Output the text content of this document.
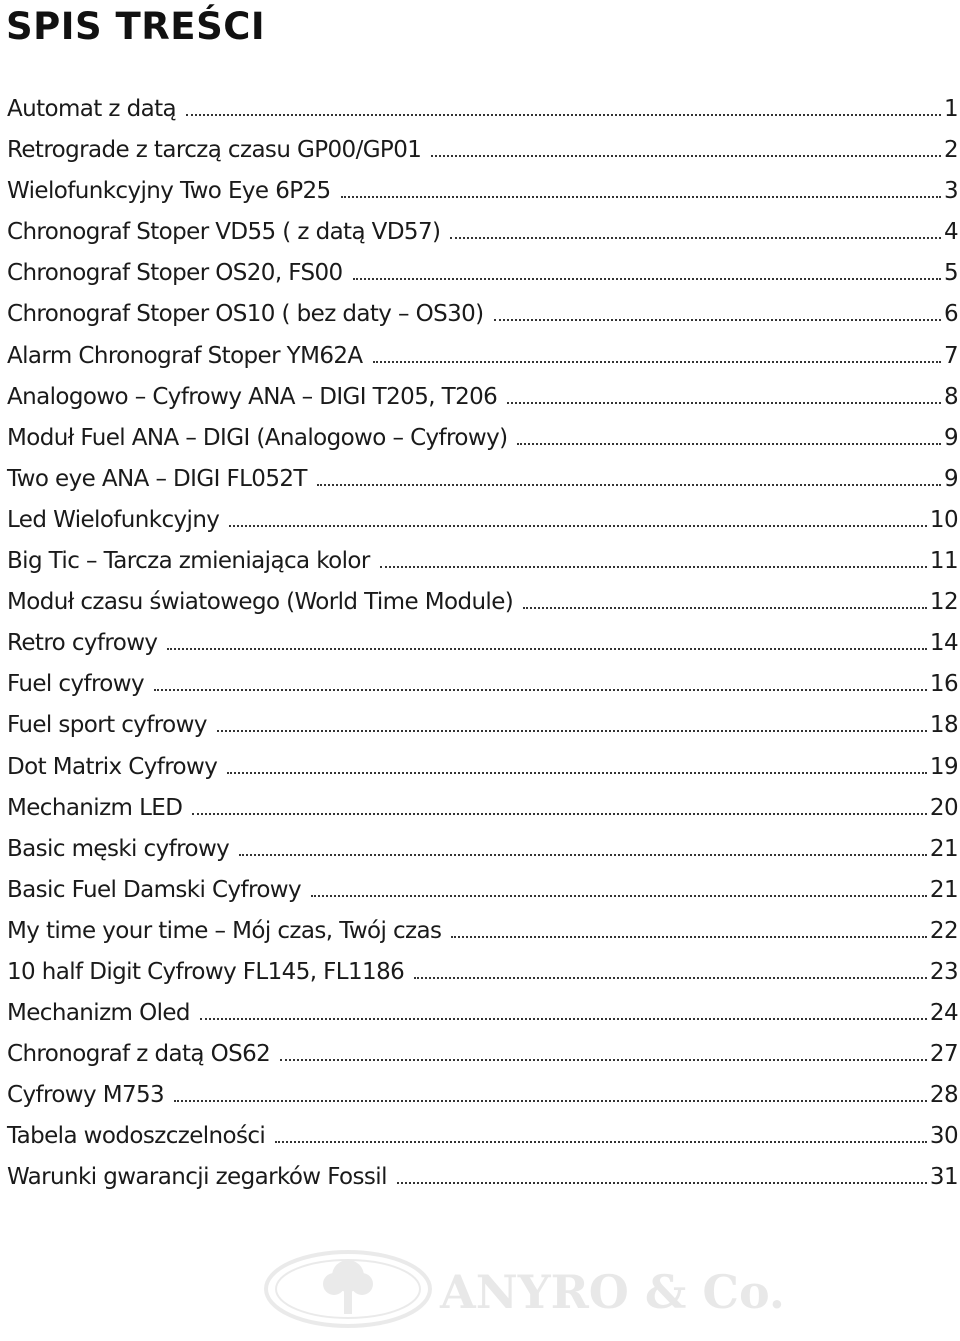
SPIS TREŚCI
Automat z datą	1
Retrograde z tarczą czasu GP00/GP01	2
Wielofunkcyjny Two Eye 6P25	3
Chronograf Stoper VD55 ( z datą VD57)	4
Chronograf Stoper OS20, FS00	5
Chronograf Stoper OS10 ( bez daty – OS30)	6
Alarm Chronograf Stoper YM62A	7
Analogowo – Cyfrowy ANA – DIGI T205, T206	8
Moduł Fuel ANA – DIGI (Analogowo – Cyfrowy)	9
Two eye ANA – DIGI FL052T	9
Led Wielofunkcyjny	10
Big Tic – Tarcza zmieniająca kolor	11
Moduł czasu światowego (World Time Module)	12
Retro cyfrowy	14
Fuel cyfrowy	16
Fuel sport cyfrowy	18
Dot Matrix Cyfrowy	19
Mechanizm LED	20
Basic męski cyfrowy	21
Basic Fuel Damski Cyfrowy	21
My time your time – Mój czas, Twój czas	22
10 half Digit Cyfrowy FL145, FL1186	23
Mechanizm Oled	24
Chronograf z datą OS62	27
Cyfrowy M753	28
Tabela wodoszczelności	30
Warunki gwarancji zegarków Fossil	31
ANYRO & Co.
